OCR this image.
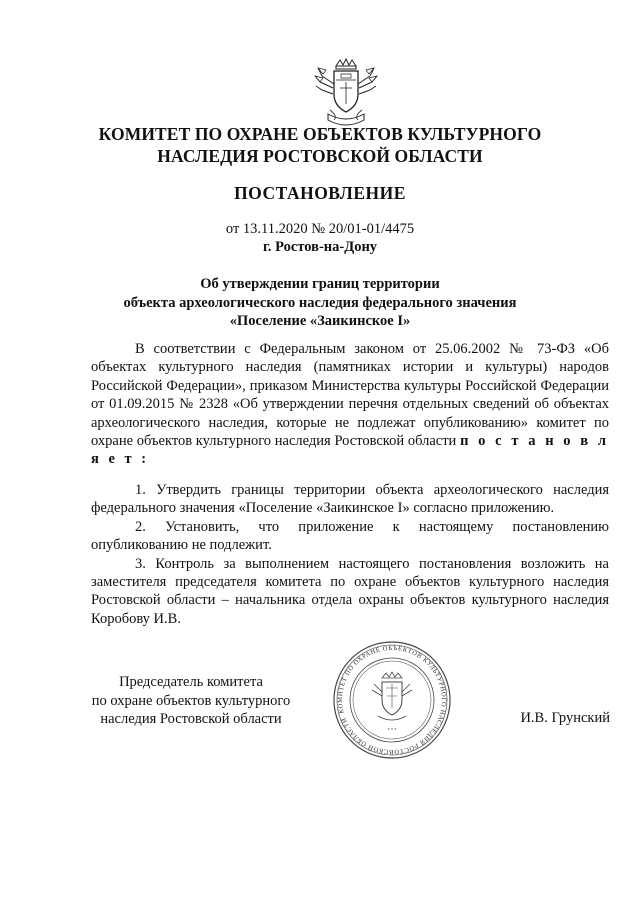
КОМИТЕТ ПО ОХРАНЕ ОБЪЕКТОВ КУЛЬТУРНОГО
НАСЛЕДИЯ РОСТОВСКОЙ ОБЛАСТИ
ПОСТАНОВЛЕНИЕ
от 13.11.2020 № 20/01-01/4475
г. Ростов-на-Дону
Об утверждении границ территории
объекта археологического наследия федерального значения
«Поселение «Заикинское I»
В соответствии с Федеральным законом от 25.06.2002 № 73-ФЗ «Об объектах культурного наследия (памятниках истории и культуры) народов Российской Федерации», приказом Министерства культуры Российской Федерации от 01.09.2015 № 2328 «Об утверждении перечня отдельных сведений об объектах археологического наследия, которые не подлежат опубликованию» комитет по охране объектов культурного наследия Ростовской области п о с т а н о в л я е т :

1. Утвердить границы территории объекта археологического наследия федерального значения «Поселение «Заикинское I» согласно приложению.

2. Установить, что приложение к настоящему постановлению опубликованию не подлежит.

3. Контроль за выполнением настоящего постановления возложить на заместителя председателя комитета по охране объектов культурного наследия Ростовской области – начальника отдела охраны объектов культурного наследия Коробову И.В.

Председатель комитета
по охране объектов культурного
наследия Ростовской области
КОМИТЕТ ПО ОХРАНЕ ОБЪЕКТОВ КУЛЬТУРНОГО НАСЛЕДИЯ РОСТОВСКОЙ ОБЛАСТИ
* * *
И.В. Грунский
